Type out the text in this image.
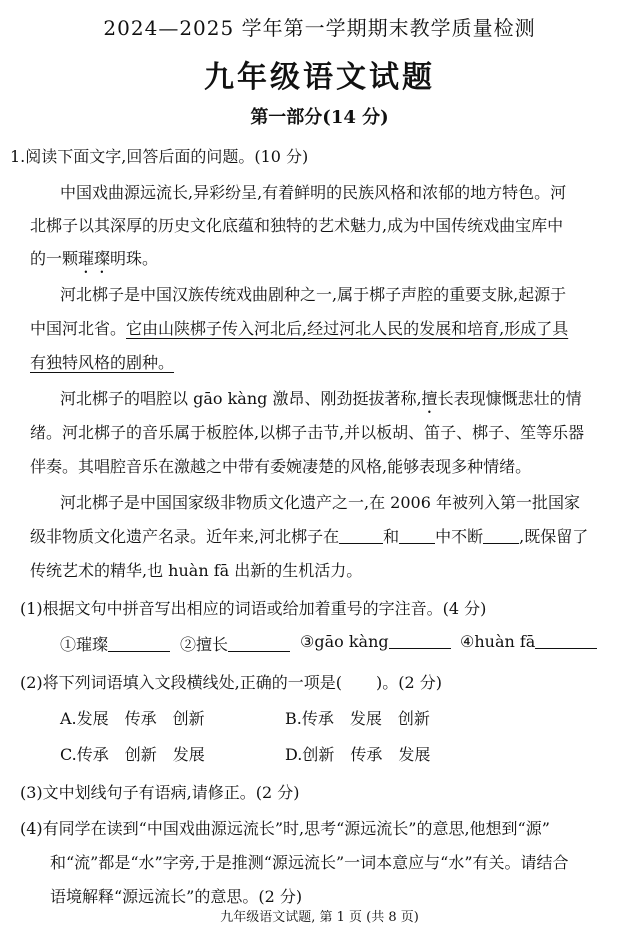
2024—2025 学年第一学期期末教学质量检测
九年级语文试题
第一部分(14 分)
1.阅读下面文字,回答后面的问题。(10 分)
中国戏曲源远流长,异彩纷呈,有着鲜明的民族风格和浓郁的地方特色。河
北梆子以其深厚的历史文化底蕴和独特的艺术魅力,成为中国传统戏曲宝库中
的一颗璀璨明珠。
河北梆子是中国汉族传统戏曲剧种之一,属于梆子声腔的重要支脉,起源于
中国河北省。它由山陕梆子传入河北后,经过河北人民的发展和培育,形成了具
有独特风格的剧种。
河北梆子的唱腔以 gāo kàng 激昂、刚劲挺拔著称,擅长表现慷慨悲壮的情
绪。河北梆子的音乐属于板腔体,以梆子击节,并以板胡、笛子、梆子、笙等乐器
伴奏。其唱腔音乐在激越之中带有委婉凄楚的风格,能够表现多种情绪。
河北梆子是中国国家级非物质文化遗产之一,在 2006 年被列入第一批国家
级非物质文化遗产名录。近年来,河北梆子在	和 中不断 ,既保留了
传统艺术的精华,也 huàn fā 出新的生机活力。
(1)根据文句中拼音写出相应的词语或给加着重号的字注音。(4 分)
①璀璨	②擅长	③gāo kàng	④huàn fā
(2)将下列词语填入文段横线处,正确的一项是( )。(2 分)
A.发展　传承　创新	B.传承　发展　创新
C.传承　创新　发展	D.创新　传承　发展
(3)文中划线句子有语病,请修正。(2 分)
(4)有同学在读到“中国戏曲源远流长”时,思考“源远流长”的意思,他想到“源”
和“流”都是“水”字旁,于是推测“源远流长”一词本意应与“水”有关。请结合
语境解释“源远流长”的意思。(2 分)
九年级语文试题, 第 1 页 (共 8 页)
